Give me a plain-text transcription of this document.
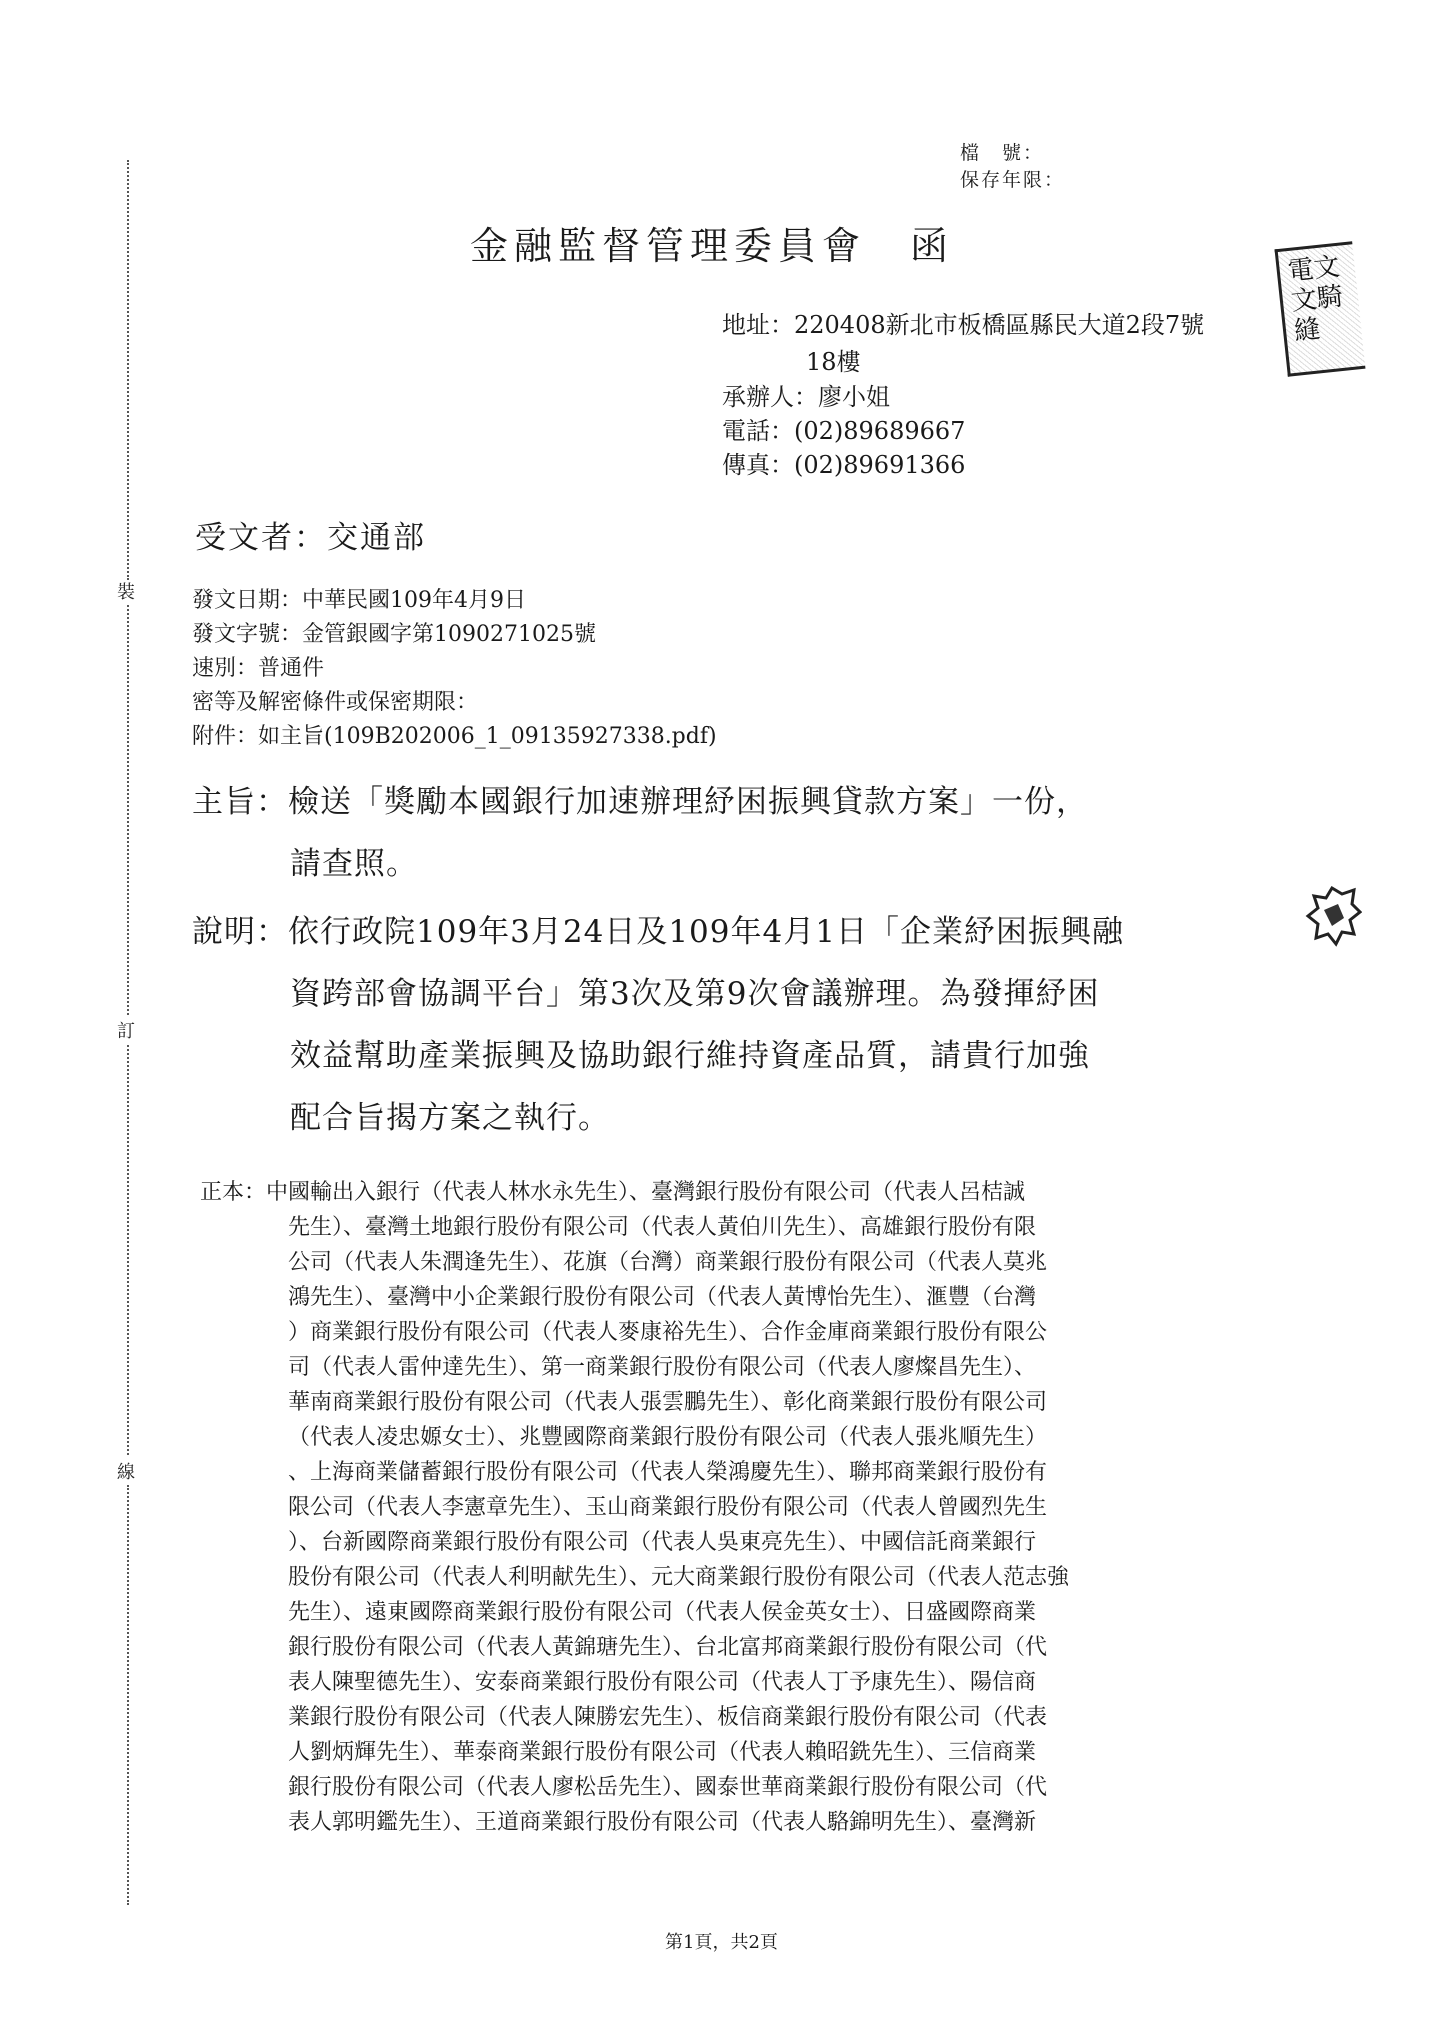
裝
訂
線
檔　號：
保存年限：
金融監督管理委員會　函
電文文騎縫
地址：220408新北市板橋區縣民大道2段7號
18樓
承辦人：廖小姐
電話：(02)89689667
傳真：(02)89691366
受文者：交通部
發文日期：中華民國109年4月9日
發文字號：金管銀國字第1090271025號
速別：普通件
密等及解密條件或保密期限：
附件：如主旨(109B202006_1_09135927338.pdf)
主旨：檢送「獎勵本國銀行加速辦理紓困振興貸款方案」一份，
請查照。
說明：依行政院109年3月24日及109年4月1日「企業紓困振興融
資跨部會協調平台」第3次及第9次會議辦理。為發揮紓困
效益幫助產業振興及協助銀行維持資產品質，請貴行加強
配合旨揭方案之執行。
正本：中國輸出入銀行（代表人林水永先生）、臺灣銀行股份有限公司（代表人呂桔誠
先生）、臺灣土地銀行股份有限公司（代表人黃伯川先生）、高雄銀行股份有限
公司（代表人朱潤逢先生）、花旗（台灣）商業銀行股份有限公司（代表人莫兆
鴻先生）、臺灣中小企業銀行股份有限公司（代表人黃博怡先生）、滙豐（台灣
）商業銀行股份有限公司（代表人麥康裕先生）、合作金庫商業銀行股份有限公
司（代表人雷仲達先生）、第一商業銀行股份有限公司（代表人廖燦昌先生）、
華南商業銀行股份有限公司（代表人張雲鵬先生）、彰化商業銀行股份有限公司
（代表人凌忠嫄女士）、兆豐國際商業銀行股份有限公司（代表人張兆順先生）
、上海商業儲蓄銀行股份有限公司（代表人榮鴻慶先生）、聯邦商業銀行股份有
限公司（代表人李憲章先生）、玉山商業銀行股份有限公司（代表人曾國烈先生
）、台新國際商業銀行股份有限公司（代表人吳東亮先生）、中國信託商業銀行
股份有限公司（代表人利明献先生）、元大商業銀行股份有限公司（代表人范志強
先生）、遠東國際商業銀行股份有限公司（代表人侯金英女士）、日盛國際商業
銀行股份有限公司（代表人黃錦瑭先生）、台北富邦商業銀行股份有限公司（代
表人陳聖德先生）、安泰商業銀行股份有限公司（代表人丁予康先生）、陽信商
業銀行股份有限公司（代表人陳勝宏先生）、板信商業銀行股份有限公司（代表
人劉炳輝先生）、華泰商業銀行股份有限公司（代表人賴昭銑先生）、三信商業
銀行股份有限公司（代表人廖松岳先生）、國泰世華商業銀行股份有限公司（代
表人郭明鑑先生）、王道商業銀行股份有限公司（代表人駱錦明先生）、臺灣新
第1頁，共2頁
